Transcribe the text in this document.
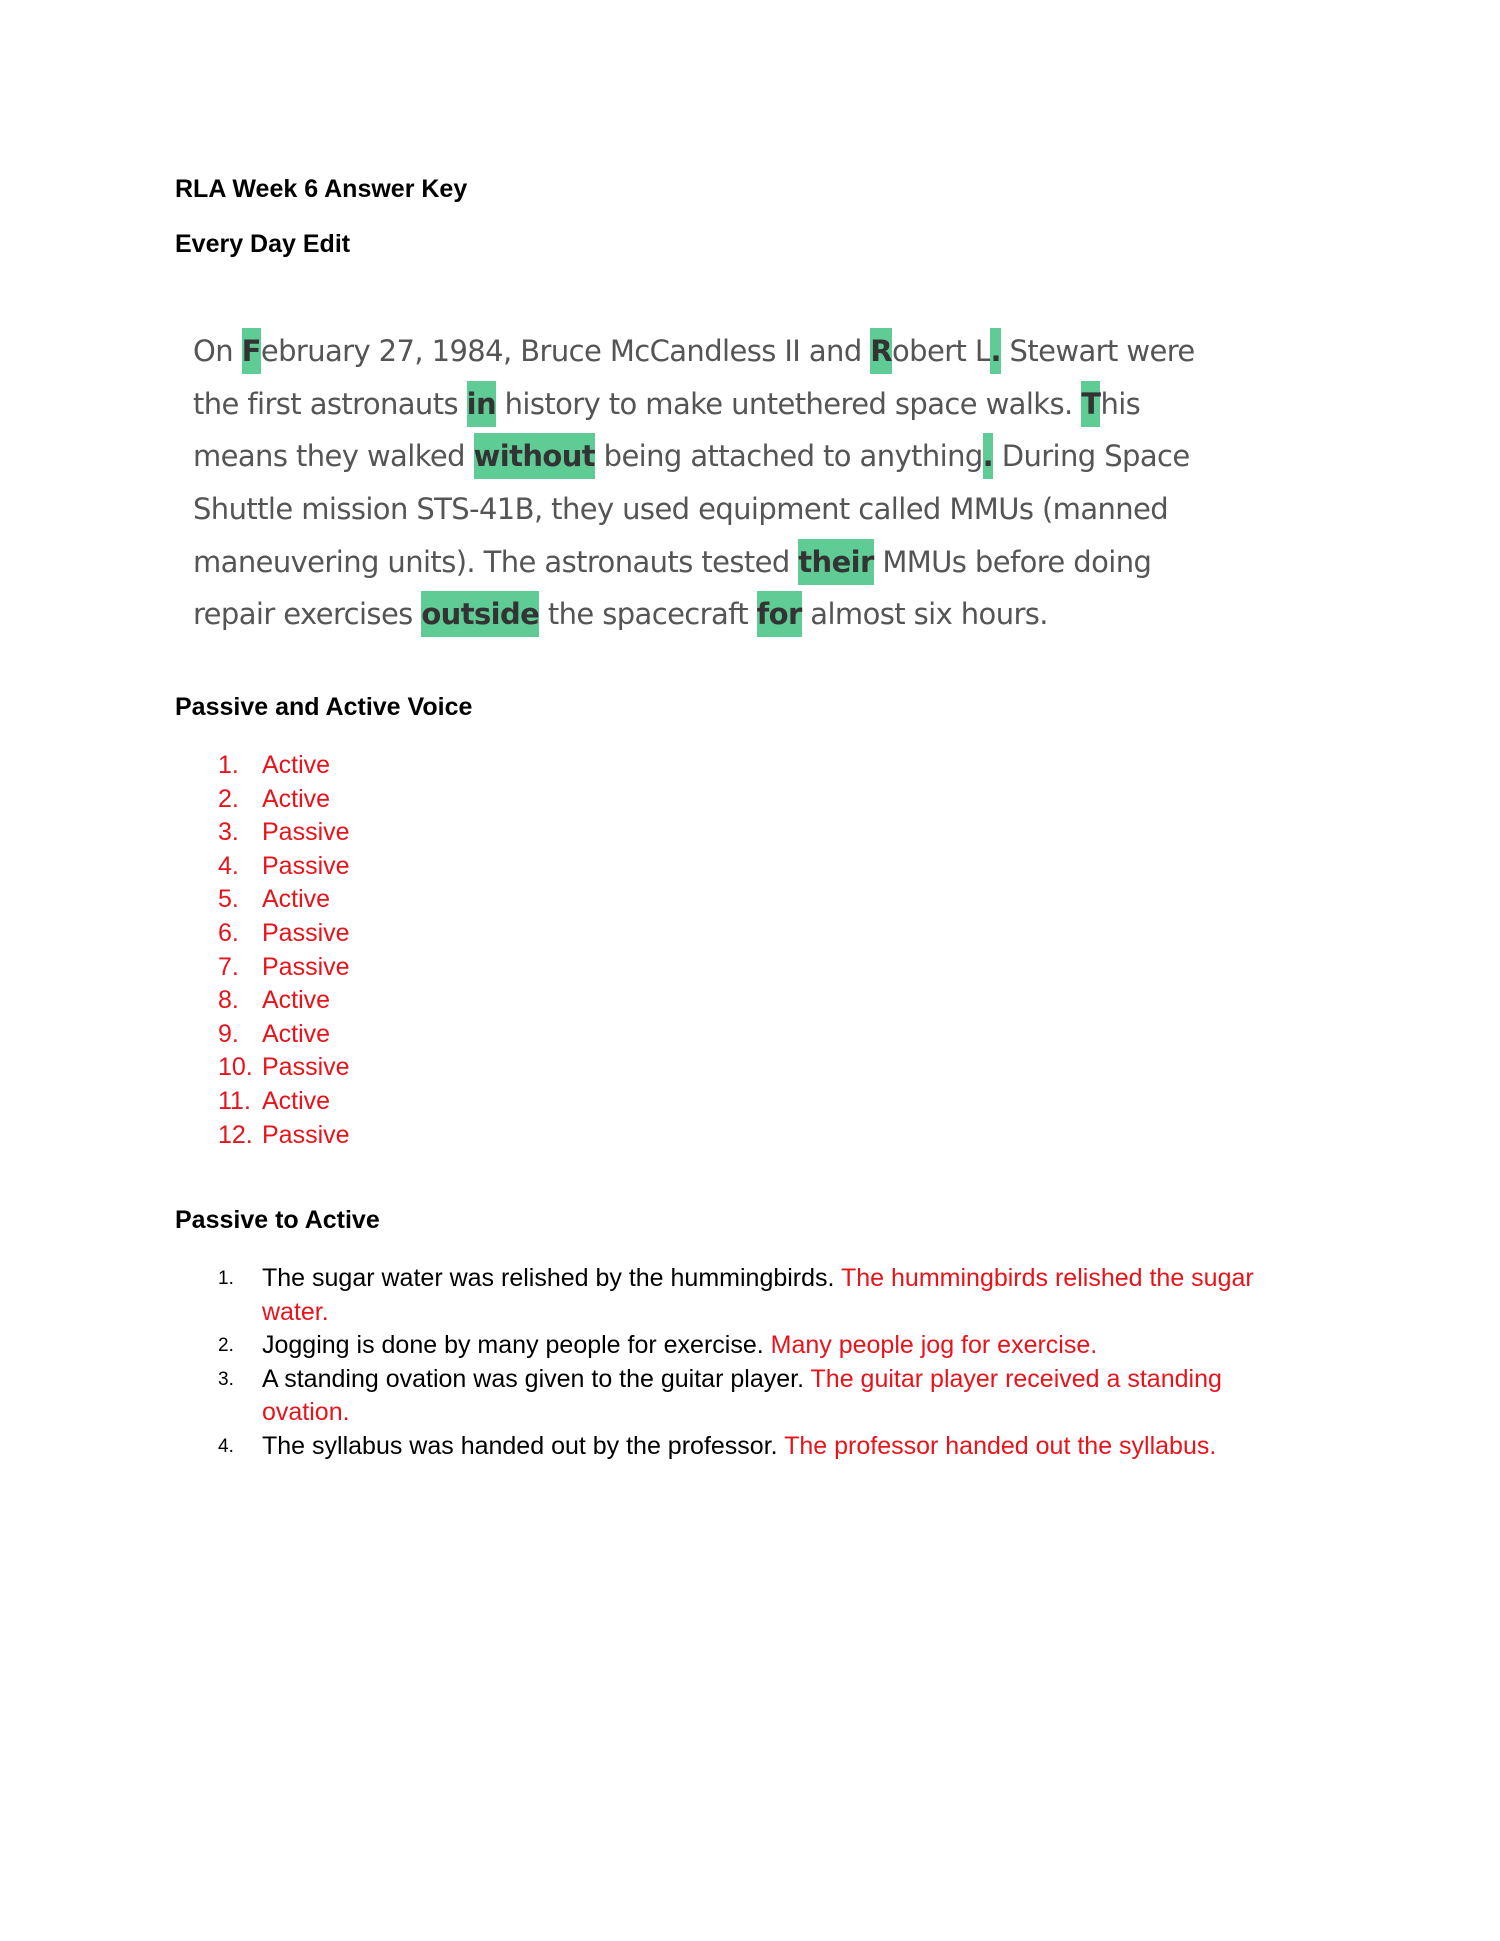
RLA Week 6 Answer Key
Every Day Edit
On February 27, 1984, Bruce McCandless II and Robert L. Stewart were
the first astronauts in history to make untethered space walks. This
means they walked without being attached to anything. During Space
Shuttle mission STS-41B, they used equipment called MMUs (manned
maneuvering units). The astronauts tested their MMUs before doing
repair exercises outside the spacecraft for almost six hours.
Passive and Active Voice
1. Active
2. Active
3. Passive
4. Passive
5. Active
6. Passive
7. Passive
8. Active
9. Active
10. Passive
11. Active
12. Passive
Passive to Active
1. The sugar water was relished by the hummingbirds. The hummingbirds relished the sugar water.
2. Jogging is done by many people for exercise. Many people jog for exercise.
3. A standing ovation was given to the guitar player. The guitar player received a standing ovation.
4. The syllabus was handed out by the professor. The professor handed out the syllabus.
